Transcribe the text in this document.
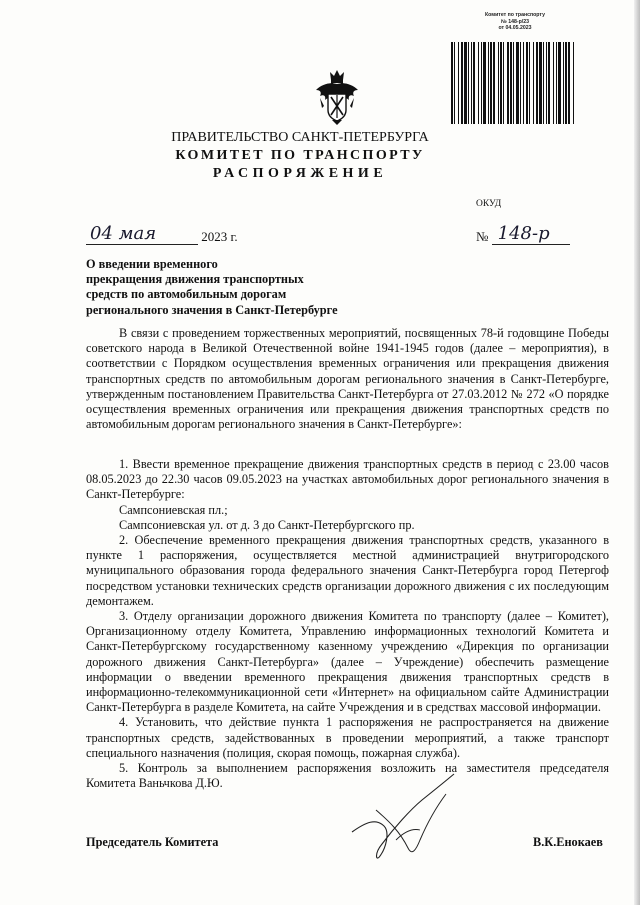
Комитет по транспорту
№ 148-р/23
от 04.05.2023
ПРАВИТЕЛЬСТВО САНКТ-ПЕТЕРБУРГА
КОМИТЕТ ПО ТРАНСПОРТУ
РАСПОРЯЖЕНИЕ
ОКУД
04 мая	2023 г.	№ 148-р
О введении временного
прекращения движения транспортных
средств по автомобильным дорогам
регионального значения в Санкт-Петербурге

В связи с проведением торжественных мероприятий, посвященных 78-й годовщине Победы советского народа в Великой Отечественной войне 1941-1945 годов (далее – мероприятия), в соответствии с Порядком осуществления временных ограничения или прекращения движения транспортных средств по автомобильным дорогам регионального значения в Санкт-Петербурге, утвержденным постановлением Правительства Санкт-Петербурга от 27.03.2012 № 272 «О порядке осуществления временных ограничения или прекращения движения транспортных средств по автомобильным дорогам регионального значения в Санкт-Петербурге»:

1. Ввести временное прекращение движения транспортных средств в период с 23.00 часов 08.05.2023 до 22.30 часов 09.05.2023 на участках автомобильных дорог регионального значения в Санкт-Петербурге:

Сампсониевская пл.;

Сампсониевская ул. от д. 3 до Санкт-Петербургского пр.

2. Обеспечение временного прекращения движения транспортных средств, указанного в пункте 1 распоряжения, осуществляется местной администрацией внутригородского муниципального образования города федерального значения Санкт-Петербурга город Петергоф посредством установки технических средств организации дорожного движения с их последующим демонтажем.

3. Отделу организации дорожного движения Комитета по транспорту (далее – Комитет), Организационному отделу Комитета, Управлению информационных технологий Комитета и Санкт-Петербургскому государственному казенному учреждению «Дирекция по организации дорожного движения Санкт-Петербурга» (далее – Учреждение) обеспечить размещение информации о введении временного прекращения движения транспортных средств в информационно-телекоммуникационной сети «Интернет» на официальном сайте Администрации Санкт-Петербурга в разделе Комитета, на сайте Учреждения и в средствах массовой информации.

4. Установить, что действие пункта 1 распоряжения не распространяется на движение транспортных средств, задействованных в проведении мероприятий, а также транспорт специального назначения (полиция, скорая помощь, пожарная служба).

5. Контроль за выполнением распоряжения возложить на заместителя председателя Комитета Ваньчкова Д.Ю.

Председатель Комитета	В.К.Енокаев
